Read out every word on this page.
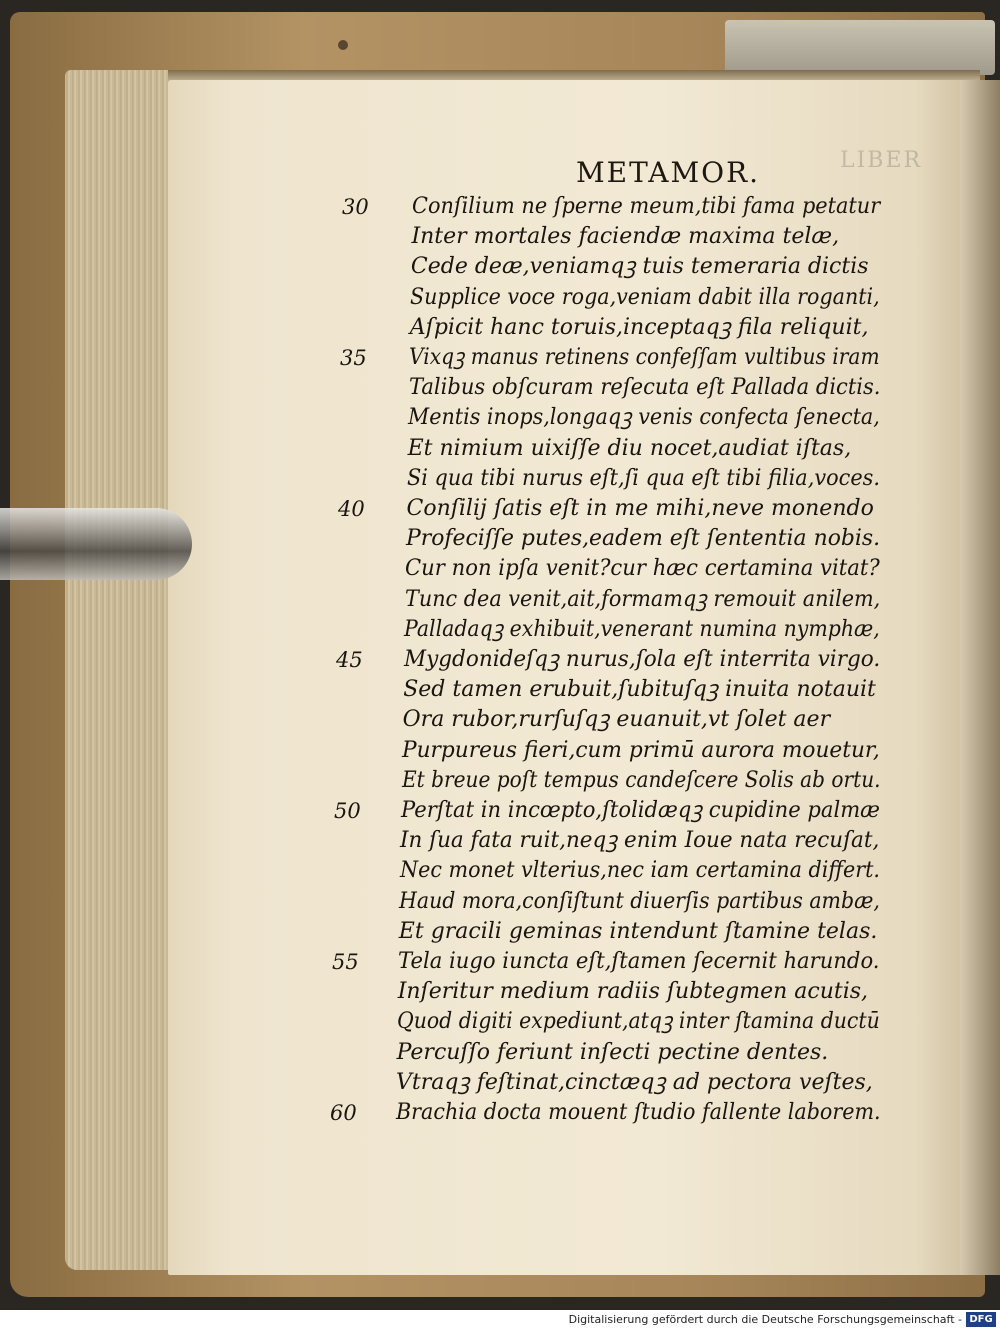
LIBER
METAMOR.
30 Conſilium ne ſperne meum,tibi fama petatur
Inter mortales faciendæ maxima telæ,
Cede deæ,veniamqꝫ tuis temeraria dictis
Supplice voce roga,veniam dabit illa roganti,
Aſpicit hanc toruis,inceptaqꝫ fila reliquit,
35 Vixqꝫ manus retinens confeſſam vultibus iram
Talibus obſcuram reſecuta eſt Pallada dictis.
Mentis inops,longaqꝫ venis confecta ſenecta,
Et nimium uixiſſe diu nocet,audiat iſtas,
Si qua tibi nurus eſt,ſi qua eſt tibi filia,voces.
40 Conſilij ſatis eſt in me mihi,neve monendo
Profeciſſe putes,eadem eſt ſententia nobis.
Cur non ipſa venit?cur hæc certamina vitat?
Tunc dea venit,ait,formamqꝫ remouit anilem,
Palladaqꝫ exhibuit,venerant numina nymphæ,
45 Mygdonideſqꝫ nurus,ſola eſt interrita virgo.
Sed tamen erubuit,ſubituſqꝫ inuita notauit
Ora rubor,rurſuſqꝫ euanuit,vt ſolet aer
Purpureus fieri,cum primū aurora mouetur,
Et breue poſt tempus candeſcere Solis ab ortu.
50 Perſtat in incœpto,ſtolidæqꝫ cupidine palmæ
In ſua fata ruit,neqꝫ enim Ioue nata recuſat,
Nec monet vlterius,nec iam certamina differt.
Haud mora,conſiſtunt diuerſis partibus ambæ,
Et gracili geminas intendunt ſtamine telas.
55 Tela iugo iuncta eſt,ſtamen ſecernit harundo.
Inſeritur medium radiis ſubtegmen acutis,
Quod digiti expediunt,atqꝫ inter ſtamina ductū
Percuſſo feriunt inſecti pectine dentes.
Vtraqꝫ feſtinat,cinctæqꝫ ad pectora veſtes,
60 Brachia docta mouent ſtudio fallente laborem.
Digitalisierung gefördert durch die Deutsche Forschungsgemeinschaft - DFG
